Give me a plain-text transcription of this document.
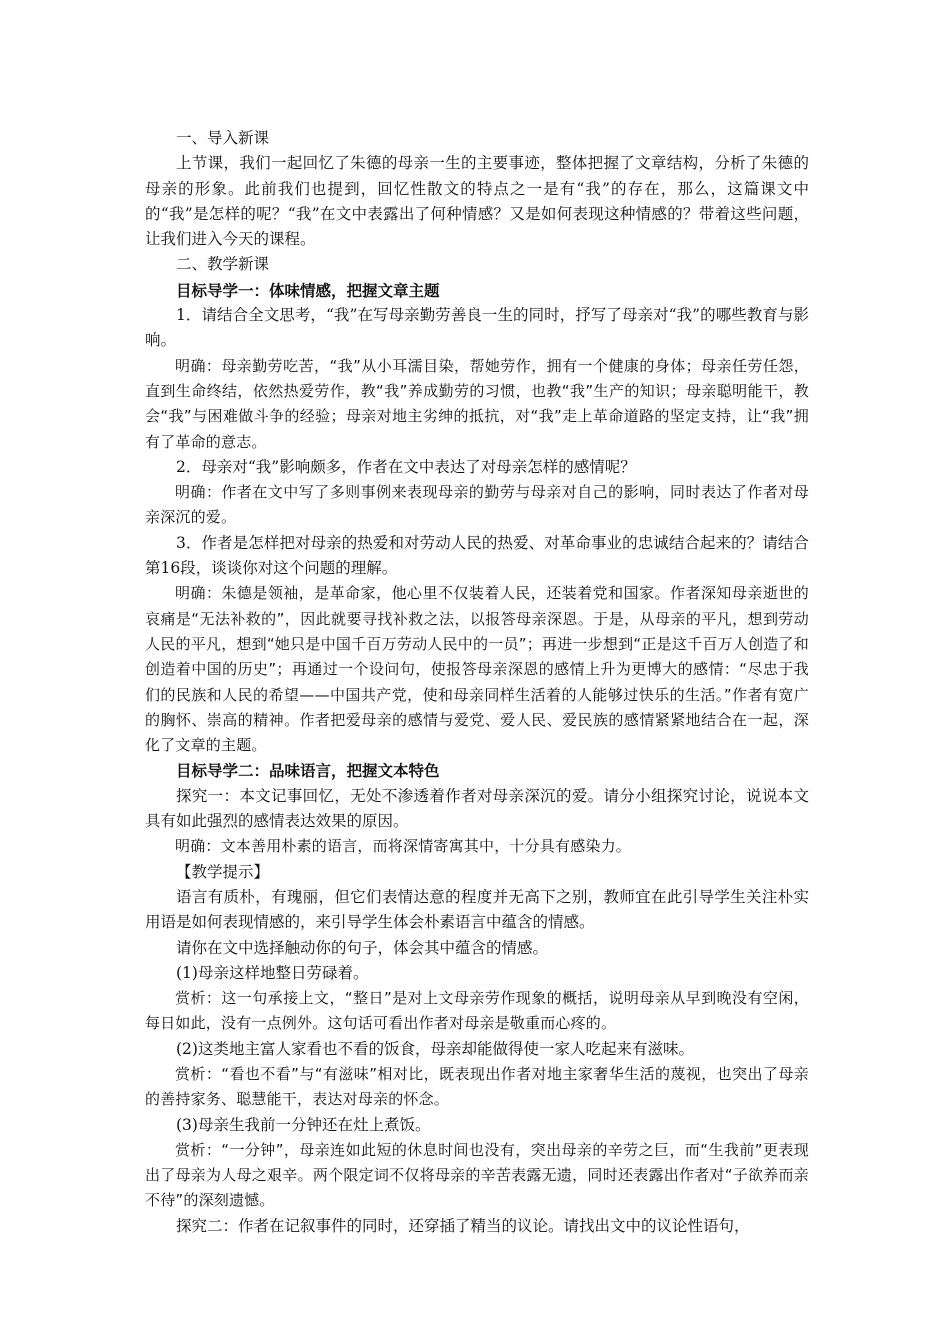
一、导入新课

上节课，我们一起回忆了朱德的母亲一生的主要事迹，整体把握了文章结构，分析了朱德的母亲的形象。此前我们也提到，回忆性散文的特点之一是有“我”的存在，那么，这篇课文中的“我”是怎样的呢？“我”在文中表露出了何种情感？又是如何表现这种情感的？带着这些问题，让我们进入今天的课程。

二、教学新课

目标导学一：体味情感，把握文章主题

1．请结合全文思考，“我”在写母亲勤劳善良一生的同时，抒写了母亲对“我”的哪些教育与影响。

明确：母亲勤劳吃苦，“我”从小耳濡目染，帮她劳作，拥有一个健康的身体；母亲任劳任怨，直到生命终结，依然热爱劳作，教“我”养成勤劳的习惯，也教“我”生产的知识；母亲聪明能干，教会“我”与困难做斗争的经验；母亲对地主劣绅的抵抗，对“我”走上革命道路的坚定支持，让“我”拥有了革命的意志。

2．母亲对“我”影响颇多，作者在文中表达了对母亲怎样的感情呢？

明确：作者在文中写了多则事例来表现母亲的勤劳与母亲对自己的影响，同时表达了作者对母亲深沉的爱。

3．作者是怎样把对母亲的热爱和对劳动人民的热爱、对革命事业的忠诚结合起来的？请结合第16段，谈谈你对这个问题的理解。

明确：朱德是领袖，是革命家，他心里不仅装着人民，还装着党和国家。作者深知母亲逝世的哀痛是“无法补救的”，因此就要寻找补救之法，以报答母亲深恩。于是，从母亲的平凡，想到劳动人民的平凡，想到“她只是中国千百万劳动人民中的一员”；再进一步想到“正是这千百万人创造了和创造着中国的历史”；再通过一个设问句，使报答母亲深恩的感情上升为更博大的感情：“尽忠于我们的民族和人民的希望——中国共产党，使和母亲同样生活着的人能够过快乐的生活。”作者有宽广的胸怀、崇高的精神。作者把爱母亲的感情与爱党、爱人民、爱民族的感情紧紧地结合在一起，深化了文章的主题。

目标导学二：品味语言，把握文本特色

探究一：本文记事回忆，无处不渗透着作者对母亲深沉的爱。请分小组探究讨论，说说本文具有如此强烈的感情表达效果的原因。

明确：文本善用朴素的语言，而将深情寄寓其中，十分具有感染力。

【教学提示】

语言有质朴，有瑰丽，但它们表情达意的程度并无高下之别，教师宜在此引导学生关注朴实用语是如何表现情感的，来引导学生体会朴素语言中蕴含的情感。

请你在文中选择触动你的句子，体会其中蕴含的情感。

(1)母亲这样地整日劳碌着。

赏析：这一句承接上文，“整日”是对上文母亲劳作现象的概括，说明母亲从早到晚没有空闲，每日如此，没有一点例外。这句话可看出作者对母亲是敬重而心疼的。

(2)这类地主富人家看也不看的饭食，母亲却能做得使一家人吃起来有滋味。

赏析：“看也不看”与“有滋味”相对比，既表现出作者对地主家奢华生活的蔑视，也突出了母亲的善持家务、聪慧能干，表达对母亲的怀念。

(3)母亲生我前一分钟还在灶上煮饭。

赏析：“一分钟”，母亲连如此短的休息时间也没有，突出母亲的辛劳之巨，而“生我前”更表现出了母亲为人母之艰辛。两个限定词不仅将母亲的辛苦表露无遗，同时还表露出作者对“子欲养而亲不待”的深刻遗憾。

探究二：作者在记叙事件的同时，还穿插了精当的议论。请找出文中的议论性语句，
